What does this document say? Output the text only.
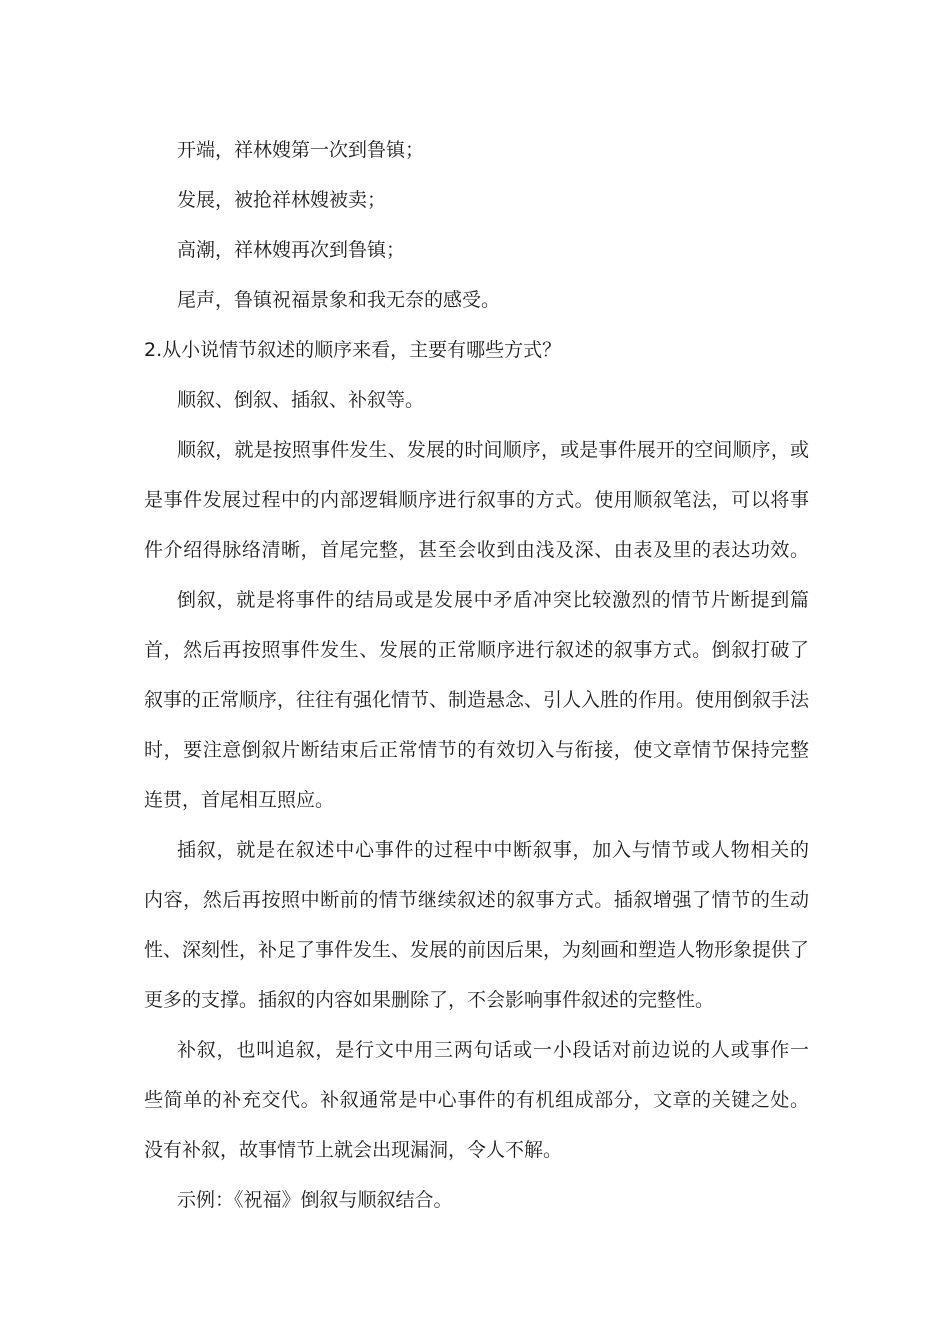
开端，祥林嫂第一次到鲁镇；
发展，被抢祥林嫂被卖；
高潮，祥林嫂再次到鲁镇；
尾声，鲁镇祝福景象和我无奈的感受。
2.从小说情节叙述的顺序来看，主要有哪些方式？
顺叙、倒叙、插叙、补叙等。
顺叙，就是按照事件发生、发展的时间顺序，或是事件展开的空间顺序，或
是事件发展过程中的内部逻辑顺序进行叙事的方式。使用顺叙笔法，可以将事
件介绍得脉络清晰，首尾完整，甚至会收到由浅及深、由表及里的表达功效。
倒叙，就是将事件的结局或是发展中矛盾冲突比较激烈的情节片断提到篇
首，然后再按照事件发生、发展的正常顺序进行叙述的叙事方式。倒叙打破了
叙事的正常顺序，往往有强化情节、制造悬念、引人入胜的作用。使用倒叙手法
时，要注意倒叙片断结束后正常情节的有效切入与衔接，使文章情节保持完整
连贯，首尾相互照应。
插叙，就是在叙述中心事件的过程中中断叙事，加入与情节或人物相关的
内容，然后再按照中断前的情节继续叙述的叙事方式。插叙增强了情节的生动
性、深刻性，补足了事件发生、发展的前因后果，为刻画和塑造人物形象提供了
更多的支撑。插叙的内容如果删除了，不会影响事件叙述的完整性。
补叙，也叫追叙，是行文中用三两句话或一小段话对前边说的人或事作一
些简单的补充交代。补叙通常是中心事件的有机组成部分，文章的关键之处。
没有补叙，故事情节上就会出现漏洞，令人不解。
示例：《祝福》倒叙与顺叙结合。
